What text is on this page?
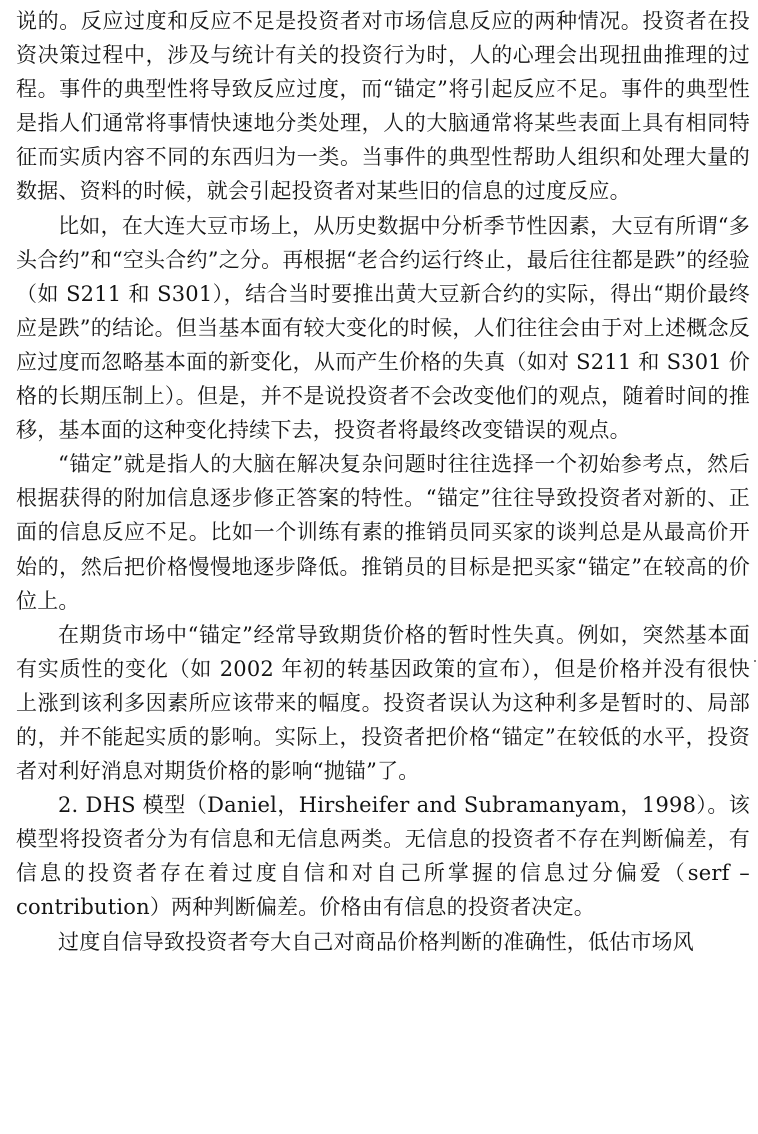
说的。反应过度和反应不足是投资者对市场信息反应的两种情况。投资者在投资决策过程中，涉及与统计有关的投资行为时，人的心理会出现扭曲推理的过程。事件的典型性将导致反应过度，而“锚定”将引起反应不足。事件的典型性是指人们通常将事情快速地分类处理，人的大脑通常将某些表面上具有相同特征而实质内容不同的东西归为一类。当事件的典型性帮助人组织和处理大量的数据、资料的时候，就会引起投资者对某些旧的信息的过度反应。

比如，在大连大豆市场上，从历史数据中分析季节性因素，大豆有所谓“多头合约”和“空头合约”之分。再根据“老合约运行终止，最后往往都是跌”的经验（如 S211 和 S301），结合当时要推出黄大豆新合约的实际，得出“期价最终应是跌”的结论。但当基本面有较大变化的时候，人们往往会由于对上述概念反应过度而忽略基本面的新变化，从而产生价格的失真（如对 S211 和 S301 价格的长期压制上）。但是，并不是说投资者不会改变他们的观点，随着时间的推移，基本面的这种变化持续下去，投资者将最终改变错误的观点。

“锚定”就是指人的大脑在解决复杂问题时往往选择一个初始参考点，然后根据获得的附加信息逐步修正答案的特性。“锚定”往往导致投资者对新的、正面的信息反应不足。比如一个训练有素的推销员同买家的谈判总是从最高价开始的，然后把价格慢慢地逐步降低。推销员的目标是把买家“锚定”在较高的价位上。

在期货市场中“锚定”经常导致期货价格的暂时性失真。例如，突然基本面有实质性的变化（如 2002 年初的转基因政策的宣布），但是价格并没有很快上涨到该利多因素所应该带来的幅度。投资者误认为这种利多是暂时的、局部的，并不能起实质的影响。实际上，投资者把价格“锚定”在较低的水平，投资者对利好消息对期货价格的影响“抛锚”了。

2. DHS 模型（Daniel，Hirsheifer and Subramanyam，1998）。该模型将投资者分为有信息和无信息两类。无信息的投资者不存在判断偏差，有信息的投资者存在着过度自信和对自己所掌握的信息过分偏爱（serf – contribution）两种判断偏差。价格由有信息的投资者决定。

过度自信导致投资者夸大自己对商品价格判断的准确性，低估市场风
